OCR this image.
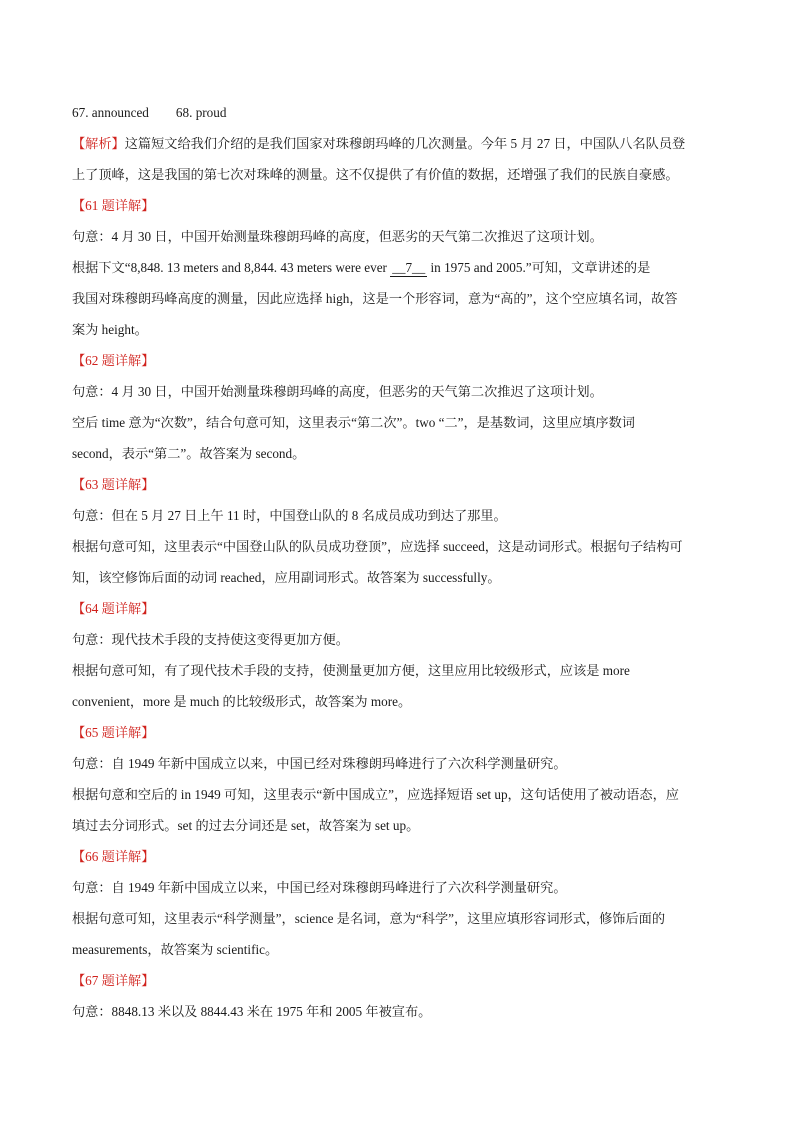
67. announced 68. proud
【解析】这篇短文给我们介绍的是我们国家对珠穆朗玛峰的几次测量。今年 5 月 27 日，中国队八名队员登
上了顶峰，这是我国的第七次对珠峰的测量。这不仅提供了有价值的数据，还增强了我们的民族自豪感。
【61 题详解】
句意：4 月 30 日，中国开始测量珠穆朗玛峰的高度，但恶劣的天气第二次推迟了这项计划。
根据下文“8,848. 13 meters and 8,844. 43 meters were ever __7__ in 1975 and 2005.”可知，文章讲述的是
我国对珠穆朗玛峰高度的测量，因此应选择 high，这是一个形容词，意为“高的”，这个空应填名词，故答
案为 height。
【62 题详解】
句意：4 月 30 日，中国开始测量珠穆朗玛峰的高度，但恶劣的天气第二次推迟了这项计划。
空后 time 意为“次数”，结合句意可知，这里表示“第二次”。two “二”，是基数词，这里应填序数词
second，表示“第二”。故答案为 second。
【63 题详解】
句意：但在 5 月 27 日上午 11 时，中国登山队的 8 名成员成功到达了那里。
根据句意可知，这里表示“中国登山队的队员成功登顶”，应选择 succeed，这是动词形式。根据句子结构可
知，该空修饰后面的动词 reached，应用副词形式。故答案为 successfully。
【64 题详解】
句意：现代技术手段的支持使这变得更加方便。
根据句意可知，有了现代技术手段的支持，使测量更加方便，这里应用比较级形式，应该是 more
convenient，more 是 much 的比较级形式，故答案为 more。
【65 题详解】
句意：自 1949 年新中国成立以来，中国已经对珠穆朗玛峰进行了六次科学测量研究。
根据句意和空后的 in 1949 可知，这里表示“新中国成立”，应选择短语 set up，这句话使用了被动语态，应
填过去分词形式。set 的过去分词还是 set，故答案为 set up。
【66 题详解】
句意：自 1949 年新中国成立以来，中国已经对珠穆朗玛峰进行了六次科学测量研究。
根据句意可知，这里表示“科学测量”，science 是名词，意为“科学”，这里应填形容词形式，修饰后面的
measurements，故答案为 scientific。
【67 题详解】
句意：8848.13 米以及 8844.43 米在 1975 年和 2005 年被宣布。
